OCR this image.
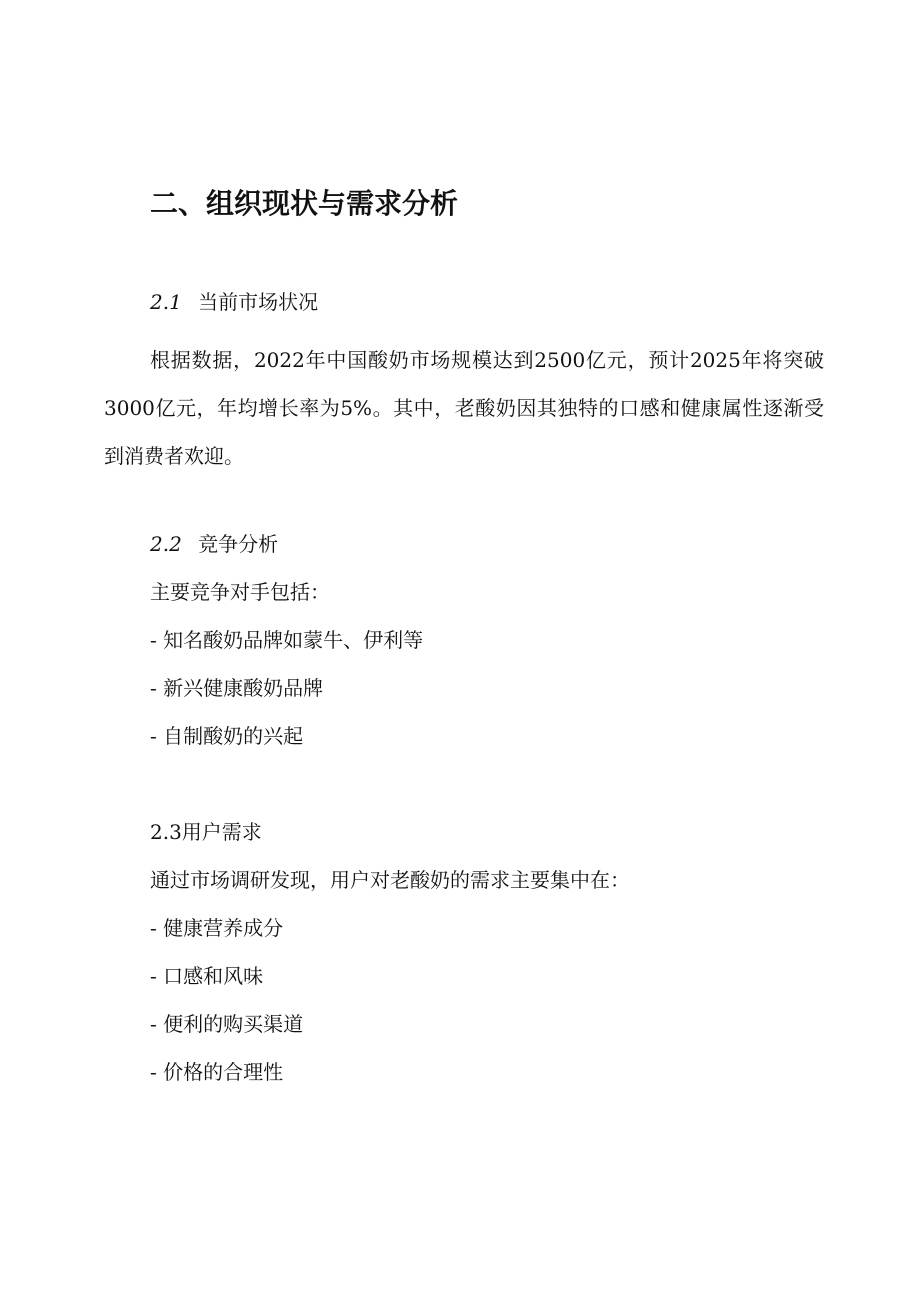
二、组织现状与需求分析
2.1 当前市场状况

根据数据，2022年中国酸奶市场规模达到2500亿元，预计2025年将突破3000亿元，年均增长率为5%。其中，老酸奶因其独特的口感和健康属性逐渐受到消费者欢迎。

2.2 竞争分析
主要竞争对手包括：
- 知名酸奶品牌如蒙牛、伊利等
- 新兴健康酸奶品牌
- 自制酸奶的兴起
2.3用户需求
通过市场调研发现，用户对老酸奶的需求主要集中在：
- 健康营养成分
- 口感和风味
- 便利的购买渠道
- 价格的合理性
